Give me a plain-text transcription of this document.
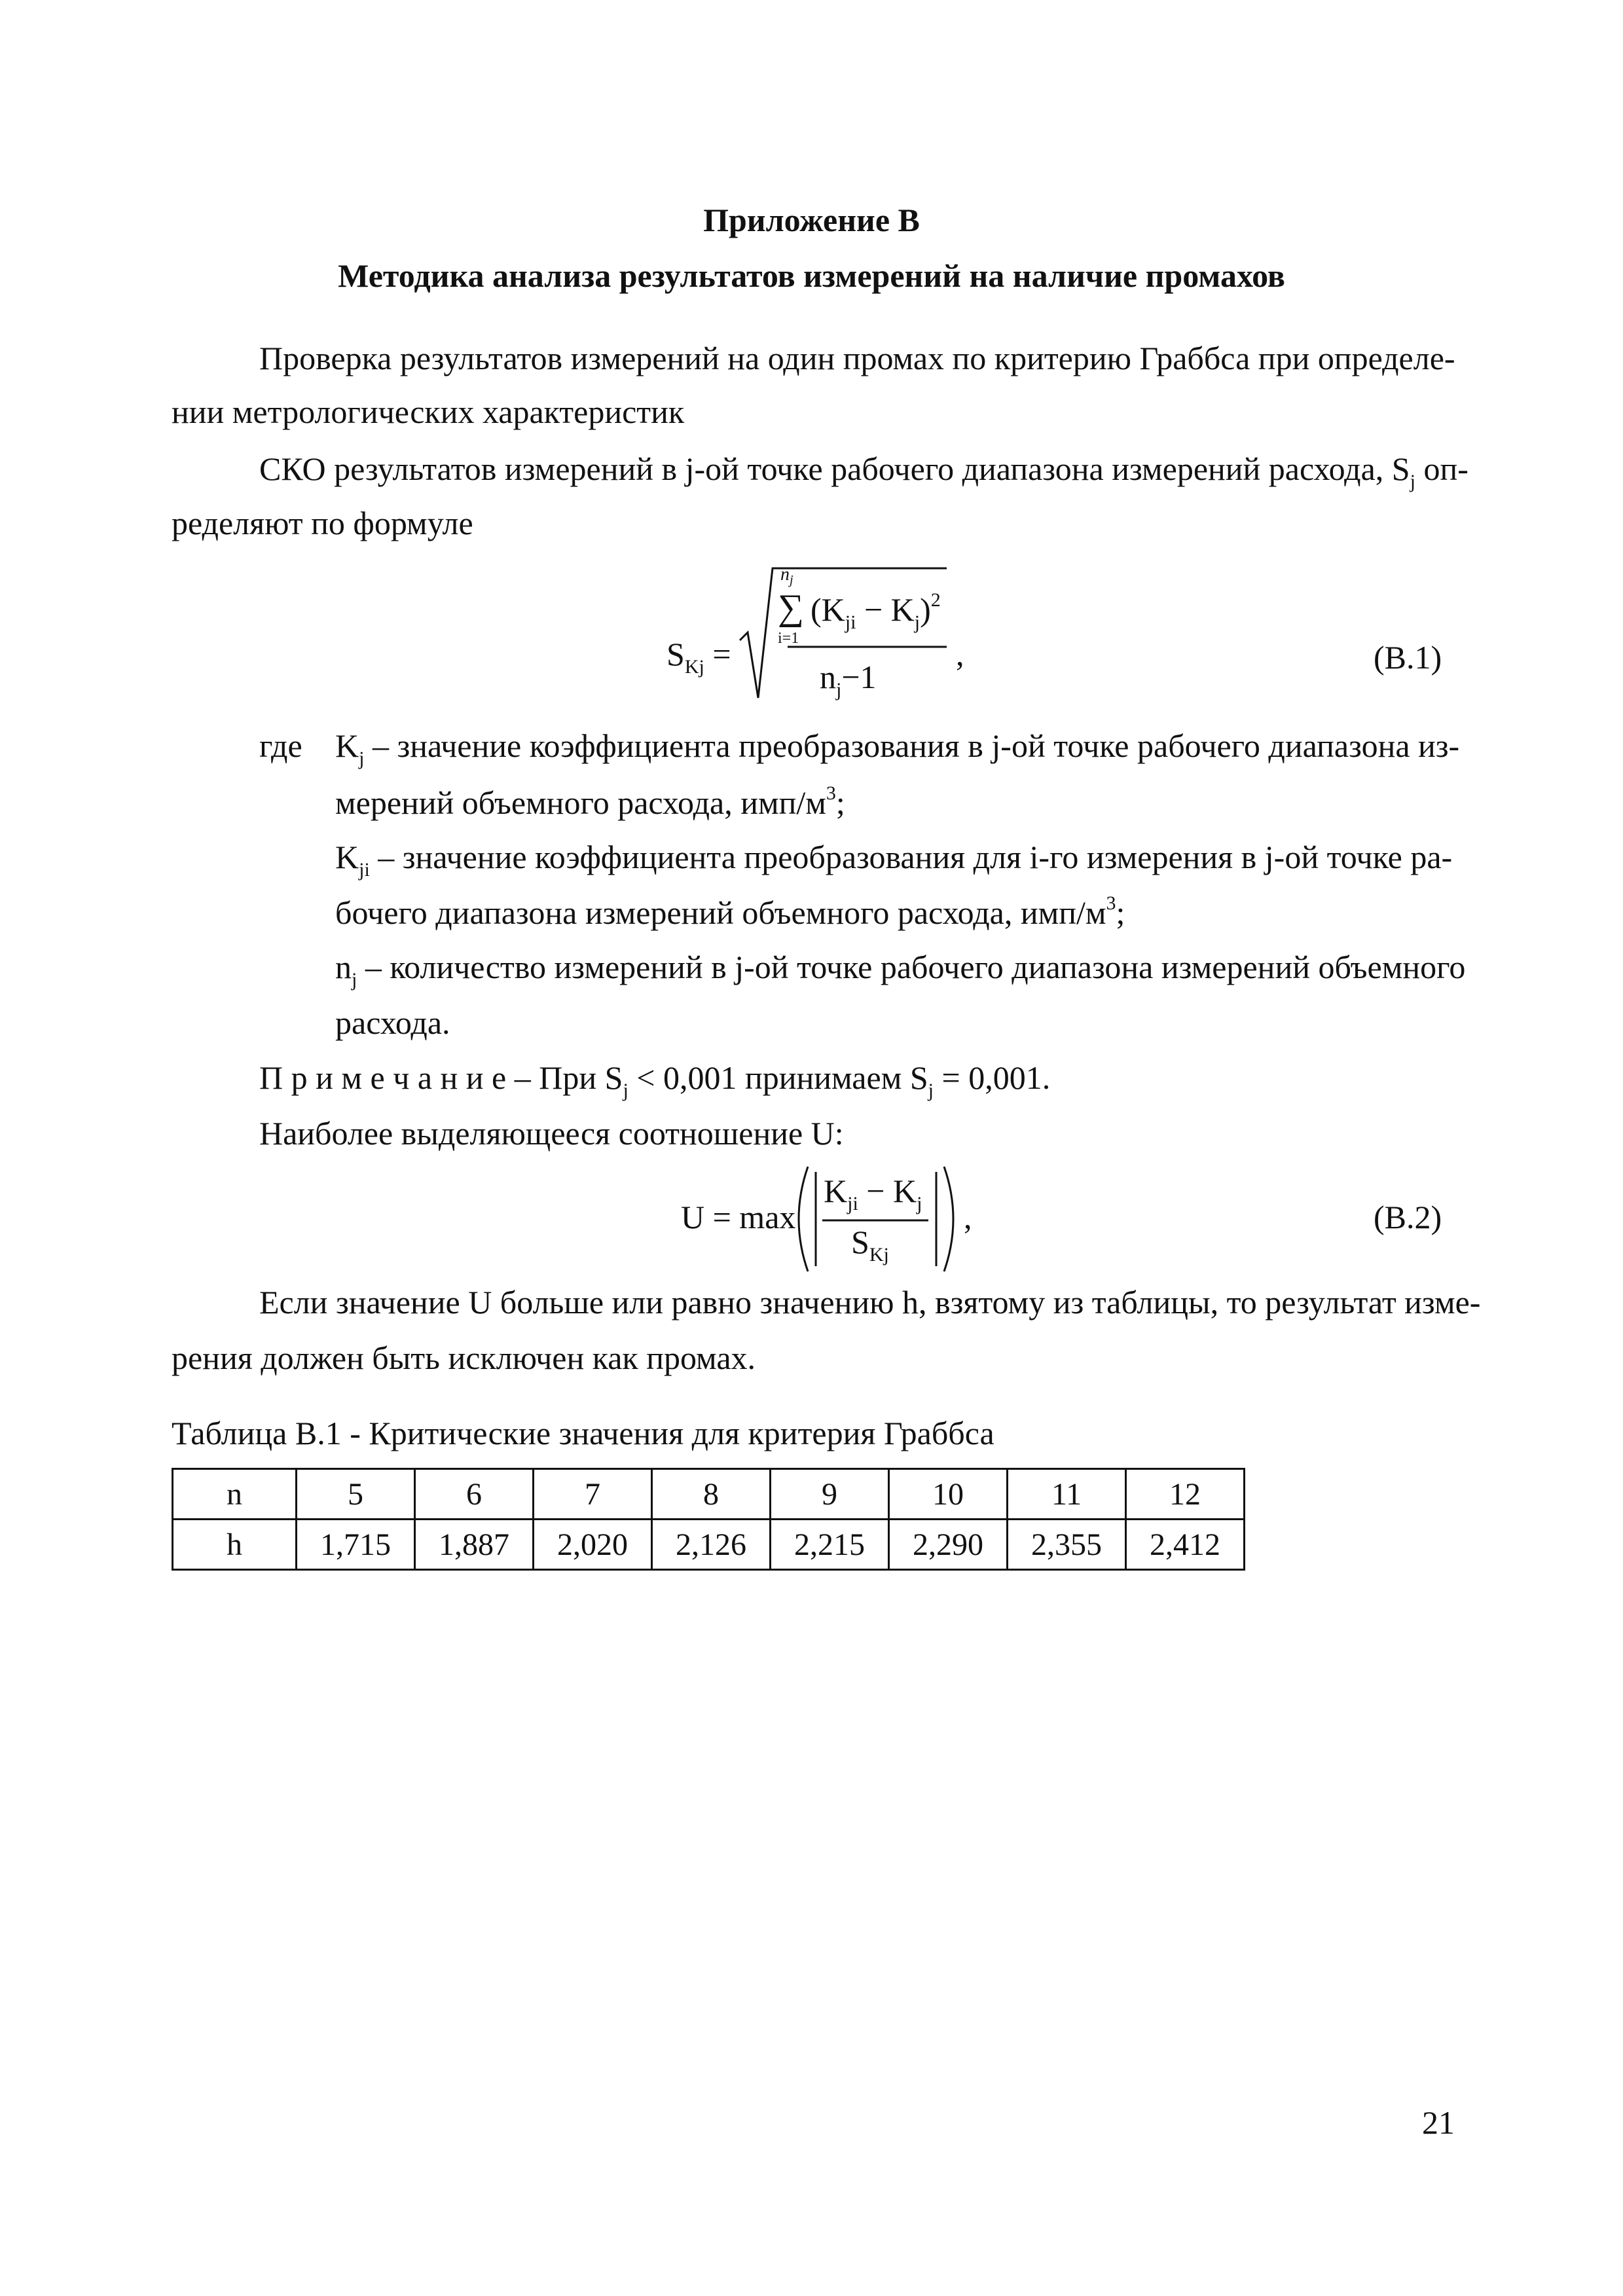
Приложение В
Методика анализа результатов измерений на наличие промахов
Проверка результатов измерений на один промах по критерию Граббса при определе-
нии метрологических характеристик
СКО результатов измерений в j-ой точке рабочего диапазона измерений расхода, $S_j$ оп-
ределяют по формуле
$S_{Kj}$ =
$n_j$
∑
i=1
$(K_{ji} - K_j)^2$
$n_j-1$
,	(В.1)
где $K_j$ – значение коэффициента преобразования в j-ой точке рабочего диапазона из-
мерений объемного расхода, имп/$м^3$;
$K_{ji}$ – значение коэффициента преобразования для i-го измерения в j-ой точке ра-
бочего диапазона измерений объемного расхода, имп/$м^3$;
$n_j$ – количество измерений в j-ой точке рабочего диапазона измерений объемного
расхода.
П р и м е ч а н и е – При $S_j < 0,001$ принимаем $S_j = 0,001$.
Наиболее выделяющееся соотношение U:
U = max
$K_{ji} - K_j$
$S_{Kj}$
,	(В.2)
Если значение U больше или равно значению h, взятому из таблицы, то результат изме-
рения должен быть исключен как промах.
Таблица В.1 - Критические значения для критерия Граббса
n	5	6	7	8	9	10	11	12
h	1,715	1,887	2,020	2,126	2,215	2,290	2,355	2,412
21
